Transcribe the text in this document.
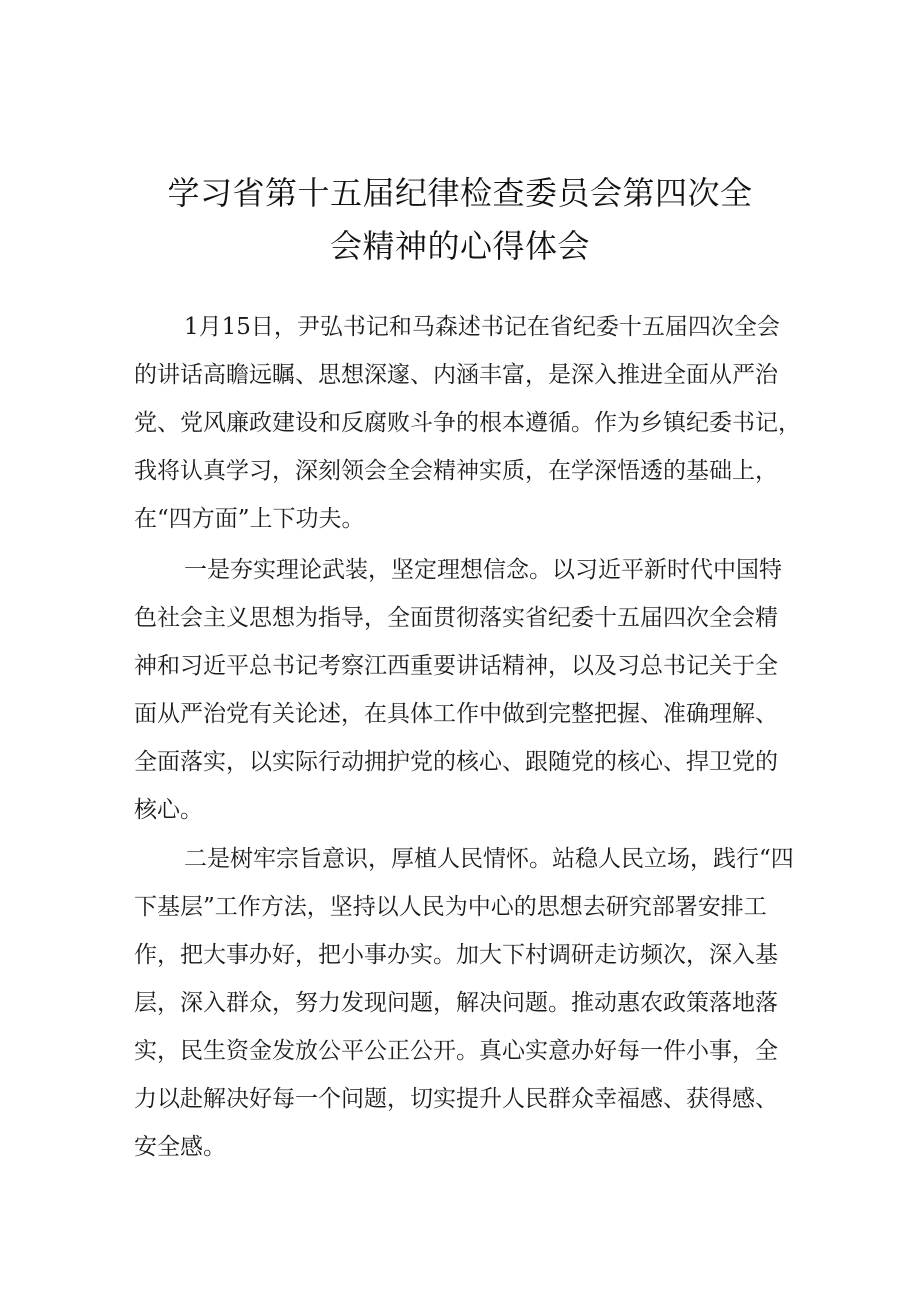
学习省第十五届纪律检查委员会第四次全
会精神的心得体会
1月15日，尹弘书记和马森述书记在省纪委十五届四次全会
的讲话高瞻远瞩、思想深邃、内涵丰富，是深入推进全面从严治
党、党风廉政建设和反腐败斗争的根本遵循。作为乡镇纪委书记，
我将认真学习，深刻领会全会精神实质，在学深悟透的基础上，
在“四方面”上下功夫。
一是夯实理论武装，坚定理想信念。以习近平新时代中国特
色社会主义思想为指导，全面贯彻落实省纪委十五届四次全会精
神和习近平总书记考察江西重要讲话精神，以及习总书记关于全
面从严治党有关论述，在具体工作中做到完整把握、准确理解、
全面落实，以实际行动拥护党的核心、跟随党的核心、捍卫党的
核心。
二是树牢宗旨意识，厚植人民情怀。站稳人民立场，践行“四
下基层”工作方法，坚持以人民为中心的思想去研究部署安排工
作，把大事办好，把小事办实。加大下村调研走访频次，深入基
层，深入群众，努力发现问题，解决问题。推动惠农政策落地落
实，民生资金发放公平公正公开。真心实意办好每一件小事，全
力以赴解决好每一个问题，切实提升人民群众幸福感、获得感、
安全感。
